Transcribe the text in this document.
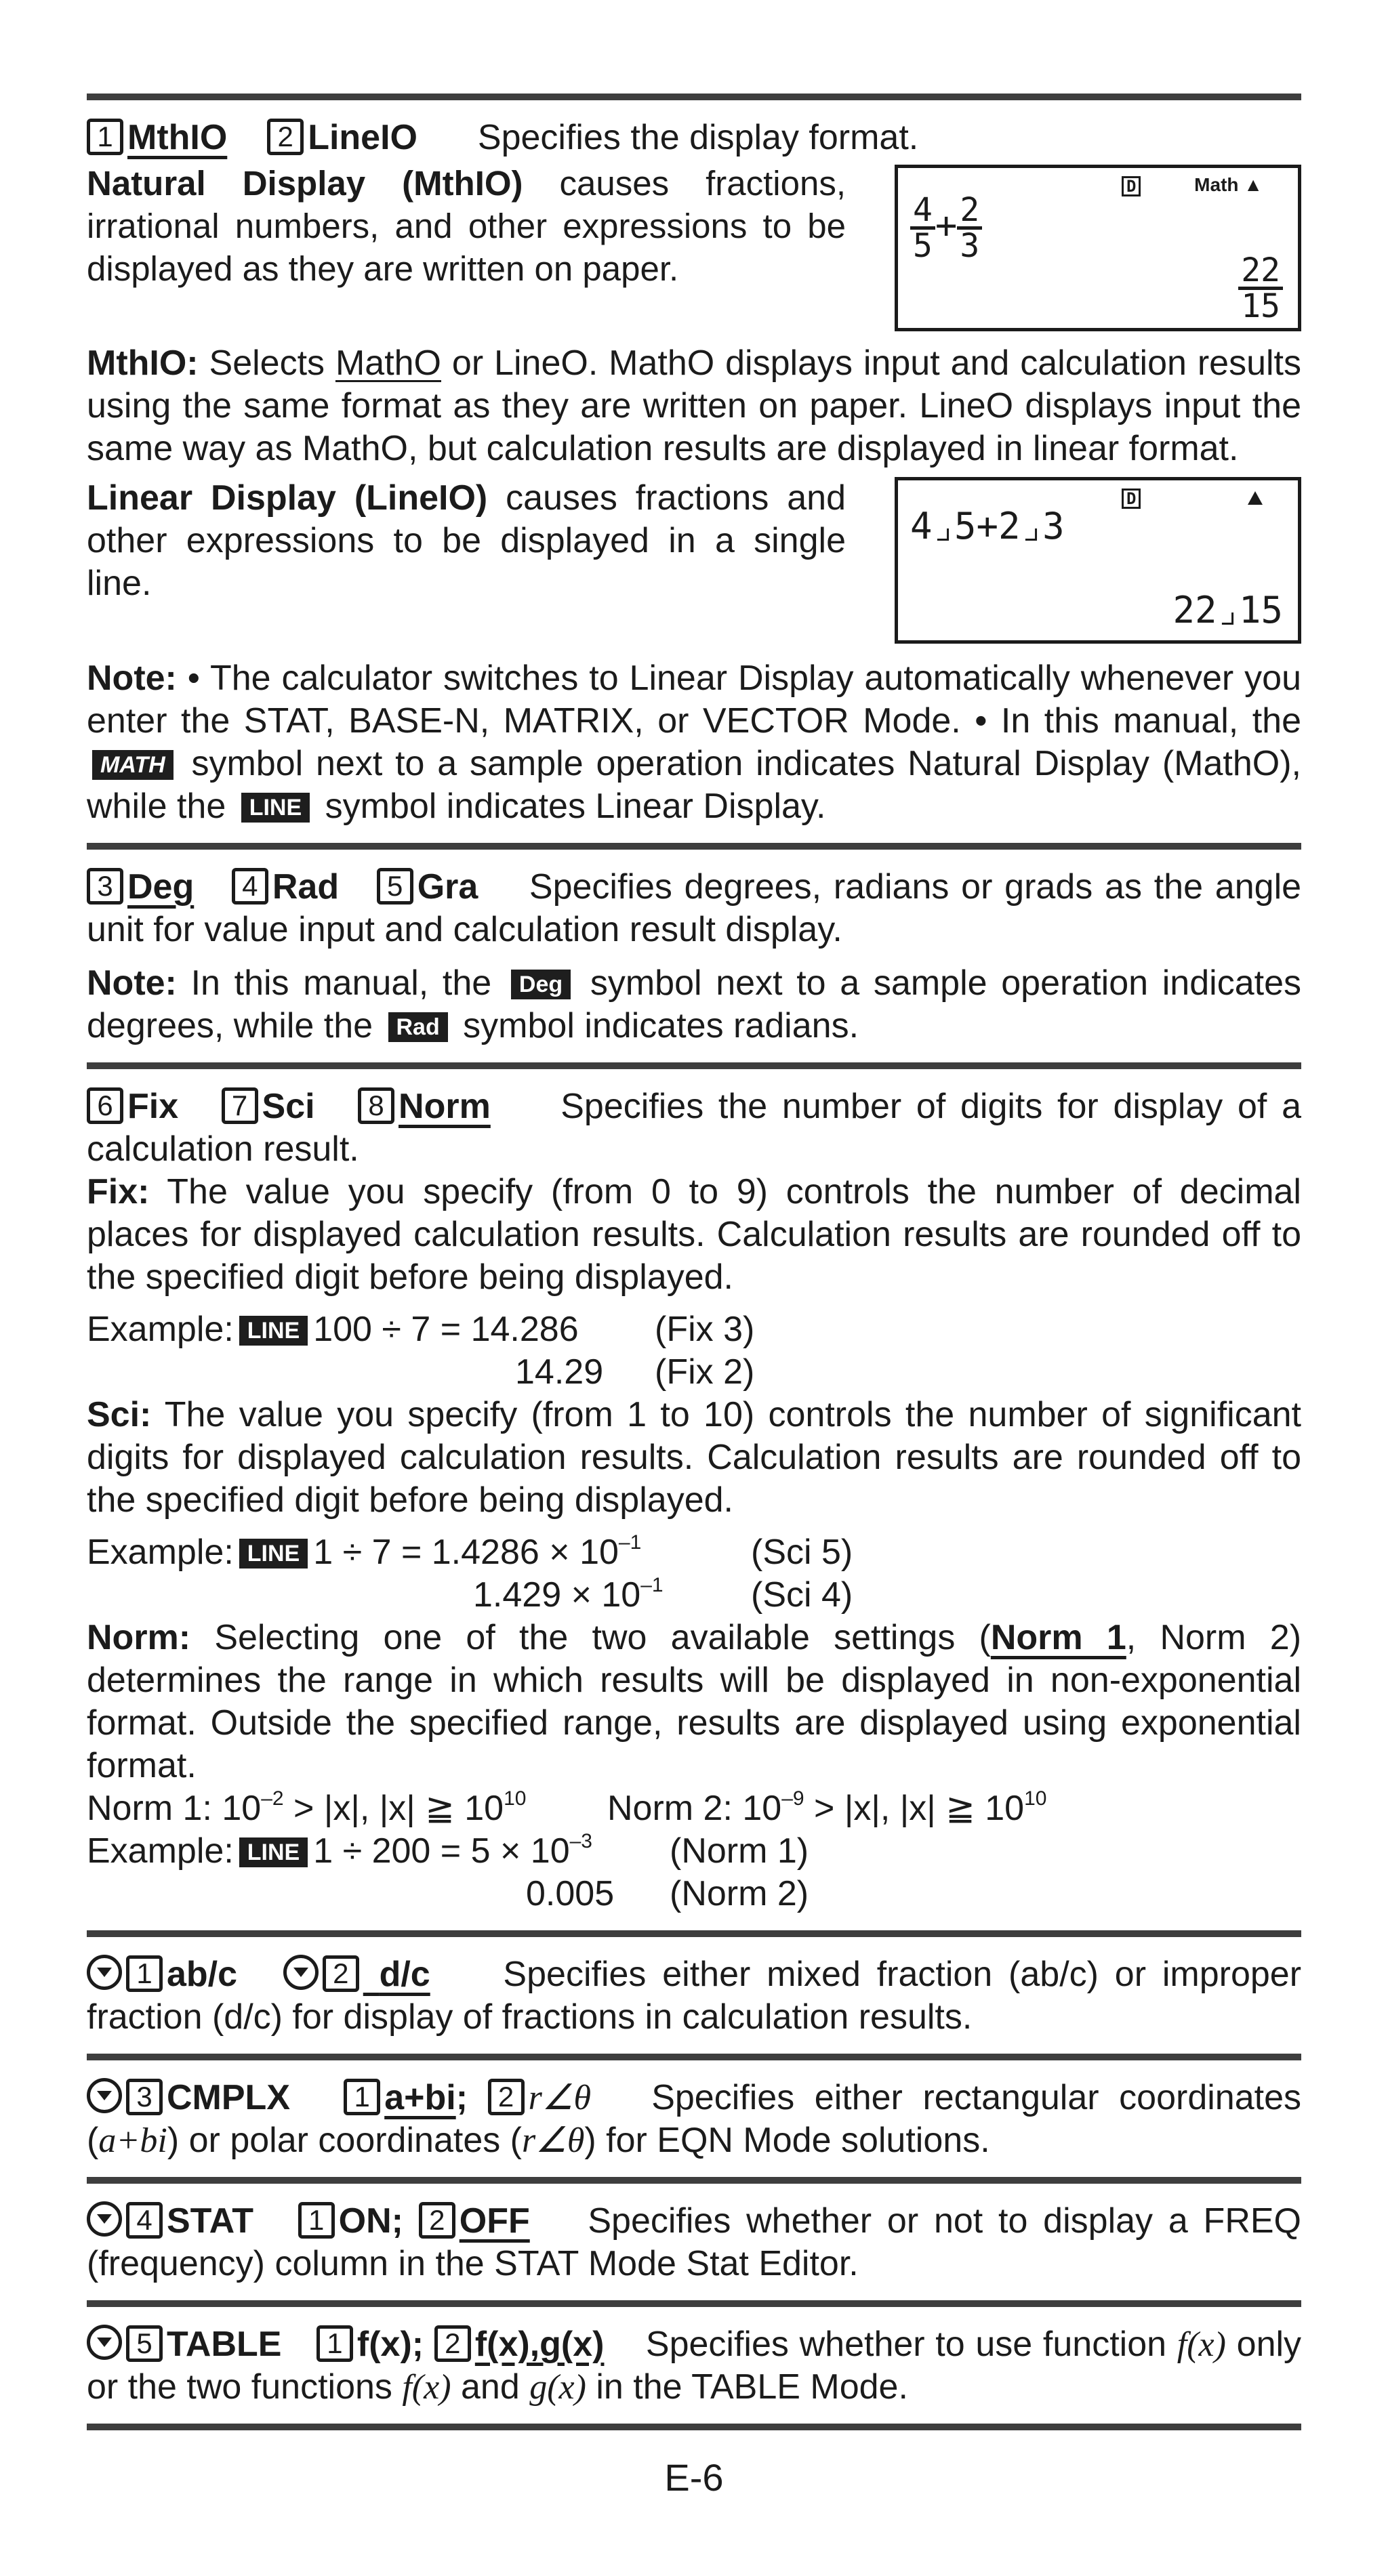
1 MthIO 2 LineIO Specifies the display format.

Natural Display (MthIO) causes fractions, irrational numbers, and other expressions to be displayed as they are written on paper.

D	Math ▲
$\frac{4}{5} + \frac{2}{3}$
$\frac{22}{15}$

MthIO: Selects MathO or LineO. MathO displays input and calculation results using the same format as they are written on paper. LineO displays input the same way as MathO, but calculation results are displayed in linear format.

Linear Display (LineIO) causes fractions and other expressions to be displayed in a single line.

D
4⌟5+2⌟3
22⌟15

Note: • The calculator switches to Linear Display automatically whenever you enter the STAT, BASE-N, MATRIX, or VECTOR Mode. • In this manual, the MATH symbol next to a sample operation indicates Natural Display (MathO), while the LINE symbol indicates Linear Display.

3 Deg 4 Rad 5 Gra Specifies degrees, radians or grads as the angle unit for value input and calculation result display.

Note: In this manual, the Deg symbol next to a sample operation indicates degrees, while the Rad symbol indicates radians.

6 Fix 7 Sci 8 Norm Specifies the number of digits for display of a calculation result.

Fix: The value you specify (from 0 to 9) controls the number of decimal places for displayed calculation results. Calculation results are rounded off to the specified digit before being displayed.

Example: LINE 100 ÷ 7 = 14.286 (Fix 3)
14.29 (Fix 2)

Sci: The value you specify (from 1 to 10) controls the number of significant digits for displayed calculation results. Calculation results are rounded off to the specified digit before being displayed.

Example: LINE $1 \div 7 = 1.4286 \times 10^{-1}$	(Sci 5)
$1.429 \times 10^{-1}$ (Sci 4)

Norm: Selecting one of the two available settings (Norm 1, Norm 2) determines the range in which results will be displayed in non-exponential format. Outside the specified range, results are displayed using exponential format.

Norm 1: $10^{-2} > |x|$, |x| ≧ $10^{10}$ Norm 2: $10^{-9} > |x|$, |x| ≧ $10^{10}$
Example: LINE $1 \div 200 = 5 \times 10^{-3}$ (Norm 1)
0.005 (Norm 2)

1 ab/c	2 d/c Specifies either mixed fraction (ab/c) or improper fraction (d/c) for display of fractions in calculation results.

3 CMPLX 1 a+bi; 2 r∠θ Specifies either rectangular coordinates (a+bi) or polar coordinates (r∠θ) for EQN Mode solutions.

4 STAT 1 ON; 2 OFF Specifies whether or not to display a FREQ (frequency) column in the STAT Mode Stat Editor.

5 TABLE 1 f(x); 2 f(x),g(x) Specifies whether to use function f(x) only or the two functions f(x) and g(x) in the TABLE Mode.

E-6
